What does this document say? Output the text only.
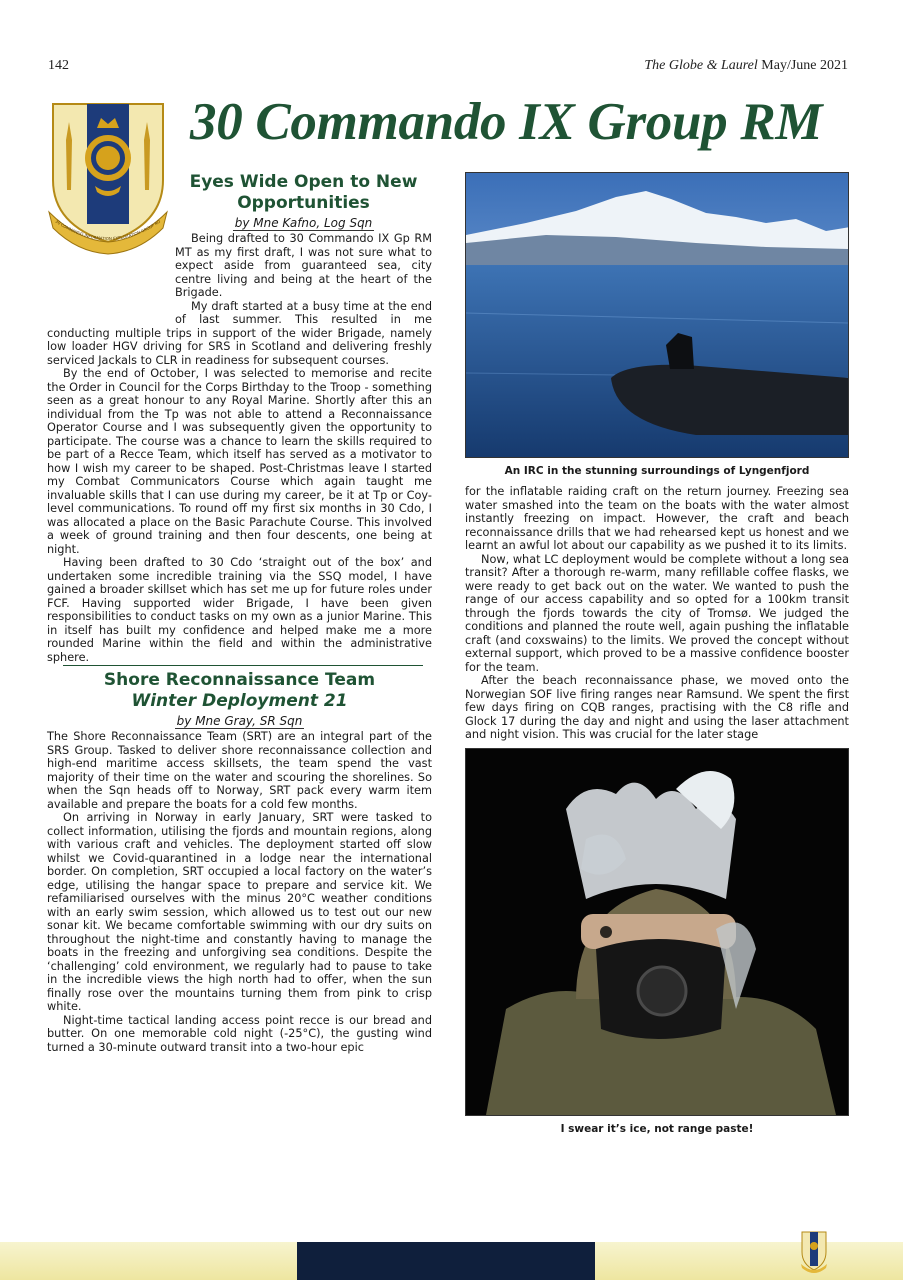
142	The Globe & Laurel May/June 2021
30 COMMANDO INFORMATION EXPLOITATION GROUP RO
30 Commando IX Group RM
Eyes Wide Open to New Opportunities
by Mne Kafno, Log Sqn

Being drafted to 30 Commando IX Gp RM MT as my first draft, I was not sure what to expect aside from guaranteed sea, city centre living and being at the heart of the Brigade.

My draft started at a busy time at the end of last summer. This resulted in me conducting multiple trips in support of the wider Brigade, namely low loader HGV driving for SRS in Scotland and delivering freshly serviced Jackals to CLR in readiness for subsequent courses.

By the end of October, I was selected to memorise and recite the Order in Council for the Corps Birthday to the Troop - something seen as a great honour to any Royal Marine. Shortly after this an individual from the Tp was not able to attend a Reconnaissance Operator Course and I was subsequently given the opportunity to participate. The course was a chance to learn the skills required to be part of a Recce Team, which itself has served as a motivator to how I wish my career to be shaped. Post-Christmas leave I started my Combat Communicators Course which again taught me invaluable skills that I can use during my career, be it at Tp or Coy-level communications. To round off my first six months in 30 Cdo, I was allocated a place on the Basic Parachute Course. This involved a week of ground training and then four descents, one being at night.

Having been drafted to 30 Cdo ‘straight out of the box’ and undertaken some incredible training via the SSQ model, I have gained a broader skillset which has set me up for future roles under FCF. Having supported wider Brigade, I have been given responsibilities to conduct tasks on my own as a junior Marine. This in itself has built my confidence and helped make me a more rounded Marine within the field and within the administrative sphere.

Shore Reconnaissance Team
Winter Deployment 21
by Mne Gray, SR Sqn

The Shore Reconnaissance Team (SRT) are an integral part of the SRS Group. Tasked to deliver shore reconnaissance collection and high-end maritime access skillsets, the team spend the vast majority of their time on the water and scouring the shorelines. So when the Sqn heads off to Norway, SRT pack every warm item available and prepare the boats for a cold few months.

On arriving in Norway in early January, SRT were tasked to collect information, utilising the fjords and mountain regions, along with various craft and vehicles. The deployment started off slow whilst we Covid-quarantined in a lodge near the international border. On completion, SRT occupied a local factory on the water’s edge, utilising the hangar space to prepare and service kit. We refamiliarised ourselves with the minus 20°C weather conditions with an early swim session, which allowed us to test out our new sonar kit. We became comfortable swimming with our dry suits on throughout the night-time and constantly having to manage the boats in the freezing and unforgiving sea conditions. Despite the ‘challenging’ cold environment, we regularly had to pause to take in the incredible views the high north had to offer, when the sun finally rose over the mountains turning them from pink to crisp white.

Night-time tactical landing access point recce is our bread and butter. On one memorable cold night (-25°C), the gusting wind turned a 30-minute outward transit into a two-hour epic

An IRC in the stunning surroundings of Lyngenfjord

for the inflatable raiding craft on the return journey. Freezing sea water smashed into the team on the boats with the water almost instantly freezing on impact. However, the craft and beach reconnaissance drills that we had rehearsed kept us honest and we learnt an awful lot about our capability as we pushed it to its limits.

Now, what LC deployment would be complete without a long sea transit? After a thorough re-warm, many refillable coffee flasks, we were ready to get back out on the water. We wanted to push the range of our access capability and so opted for a 100km transit through the fjords towards the city of Tromsø. We judged the conditions and planned the route well, again pushing the inflatable craft (and coxswains) to the limits. We proved the concept without external support, which proved to be a massive confidence booster for the team.

After the beach reconnaissance phase, we moved onto the Norwegian SOF live firing ranges near Ramsund. We spent the first few days firing on CQB ranges, practising with the C8 rifle and Glock 17 during the day and night and using the laser attachment and night vision. This was crucial for the later stage

I swear it’s ice, not range paste!
